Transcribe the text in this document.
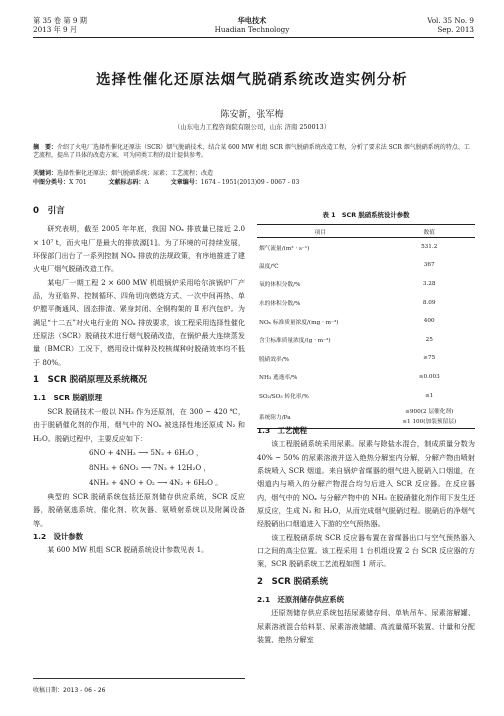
第 35 卷 第 9 期
2013 年 9 月
华电技术
Huadian Technology
Vol. 35 No. 9
Sep. 2013
选择性催化还原法烟气脱硝系统改造实例分析
陈安新，张军梅
（山东电力工程咨询院有限公司，山东 济南 250013）
摘　要：介绍了火电厂选择性催化还原法（SCR）烟气脱硝技术，结合某 600 MW 机组 SCR 烟气脱硝系统改造工程，分析了要求法 SCR 烟气脱硝系统的特点、工艺流程，提出了具体的改造方案，可为同类工程的设计提供参考。
关键词：选择性催化还原法；烟气脱硝系统；尿素；工艺流程；改造
中图分类号：X 701	文献标志码：A	文章编号：1674 - 1951(2013)09 - 0067 - 03
0　引言
研究表明，截至 2005 年年底，我国 NOₓ 排放量已接近 2.0 × 10⁷ t，而火电厂是最大的排放源[1]。为了环境的可持续发展，环保部门出台了一系列控制 NOₓ 排放的法规政策，有序地推进了建火电厂烟气脱硝改造工作。
某电厂一期工程 2 × 600 MW 机组锅炉采用哈尔滨锅炉厂产品，为亚临界、控制循环、四角切向燃烧方式、一次中间再热、单炉膛平衡通风、固态排渣、紧身封闭、全钢构架的 Ⅱ 形汽包炉。为满足“十二五”对火电行业的 NOₓ 排放要求，该工程采用选择性催化还原法（SCR）脱硝技术进行烟气脱硝改造，在锅炉最大连续蒸发量（BMCR）工况下，燃用设计煤种及校核煤种时脱硝效率均不低于 80%。
1　SCR 脱硝原理及系统概况
1.1　SCR 脱硝原理
SCR 脱硝技术一般以 NH₃ 作为还原剂，在 300 ~ 420 ℃，由于脱硝催化剂的作用，烟气中的 NOₓ 被选择性地还原成 N₂ 和 H₂O。脱硝过程中，主要反应如下：
6NO + 4NH₃ ⟶ 5N₂ + 6H₂O ，
8NH₃ + 6NO₂ ⟶ 7N₂ + 12H₂O ，
4NH₃ + 4NO + O₂ ⟶ 4N₂ + 6H₂O 。
典型的 SCR 脱硝系统包括还原剂储存供应系统，SCR 反应器，脱硝氨逃系统，催化剂、吹灰器、氨喷射系统以及附属设备等。
1.2　设计参数
某 600 MW 机组 SCR 脱硝系统设计参数见表 1。
收稿日期：2013 - 06 - 26
表 1　SCR 脱硝系统设计参数
项目	数值
烟气流量/(m³ · s⁻¹)	531.2
温度/℃	367
氧的体积分数/%	3.28
水的体积分数/%	8.09
NOₓ 标准质量浓度/(mg · m⁻³)	400
含尘标准质量浓度/(g · m⁻³)	25
脱硝效率/%	≥75
NH₃ 逃逸率/%	≤0.003
SO₂/SO₃ 转化率/%	≤1
系统阻力/Pa	≤900(2 层催化剂)
≤1 100(加装预留层)
1.3　工艺流程
该工程脱硝系统采用尿素。尿素与除盐水混合，制成质量分数为 40% ~ 50% 的尿素溶液并送入绝热分解室内分解，分解产物由喷射系统喷入 SCR 烟道。来自锅炉省煤器的烟气进入脱硝入口烟道，在烟道内与喷入的分解产物混合均匀后进入 SCR 反应器。在反应器内，烟气中的 NOₓ 与分解产物中的 NH₃ 在脱硝催化剂作用下发生还原反应，生成 N₂ 和 H₂O，从而完成烟气脱硝过程。脱硝后的净烟气经脱硝出口烟道进入下游的空气预热器。
该工程脱硝系统 SCR 反应器布置在省煤器出口与空气预热器入口之间的高尘位置。该工程采用 1 台机组设置 2 台 SCR 反应器的方案，SCR 脱硝系统工艺流程如图 1 所示。
2　SCR 脱硝系统
2.1　还原剂储存供应系统
还原剂储存供应系统包括尿素储存间、单轨吊车、尿素溶解罐、尿素溶液混合给料泵、尿素溶液储罐、高流量循环装置、计量和分配装置、绝热分解室
